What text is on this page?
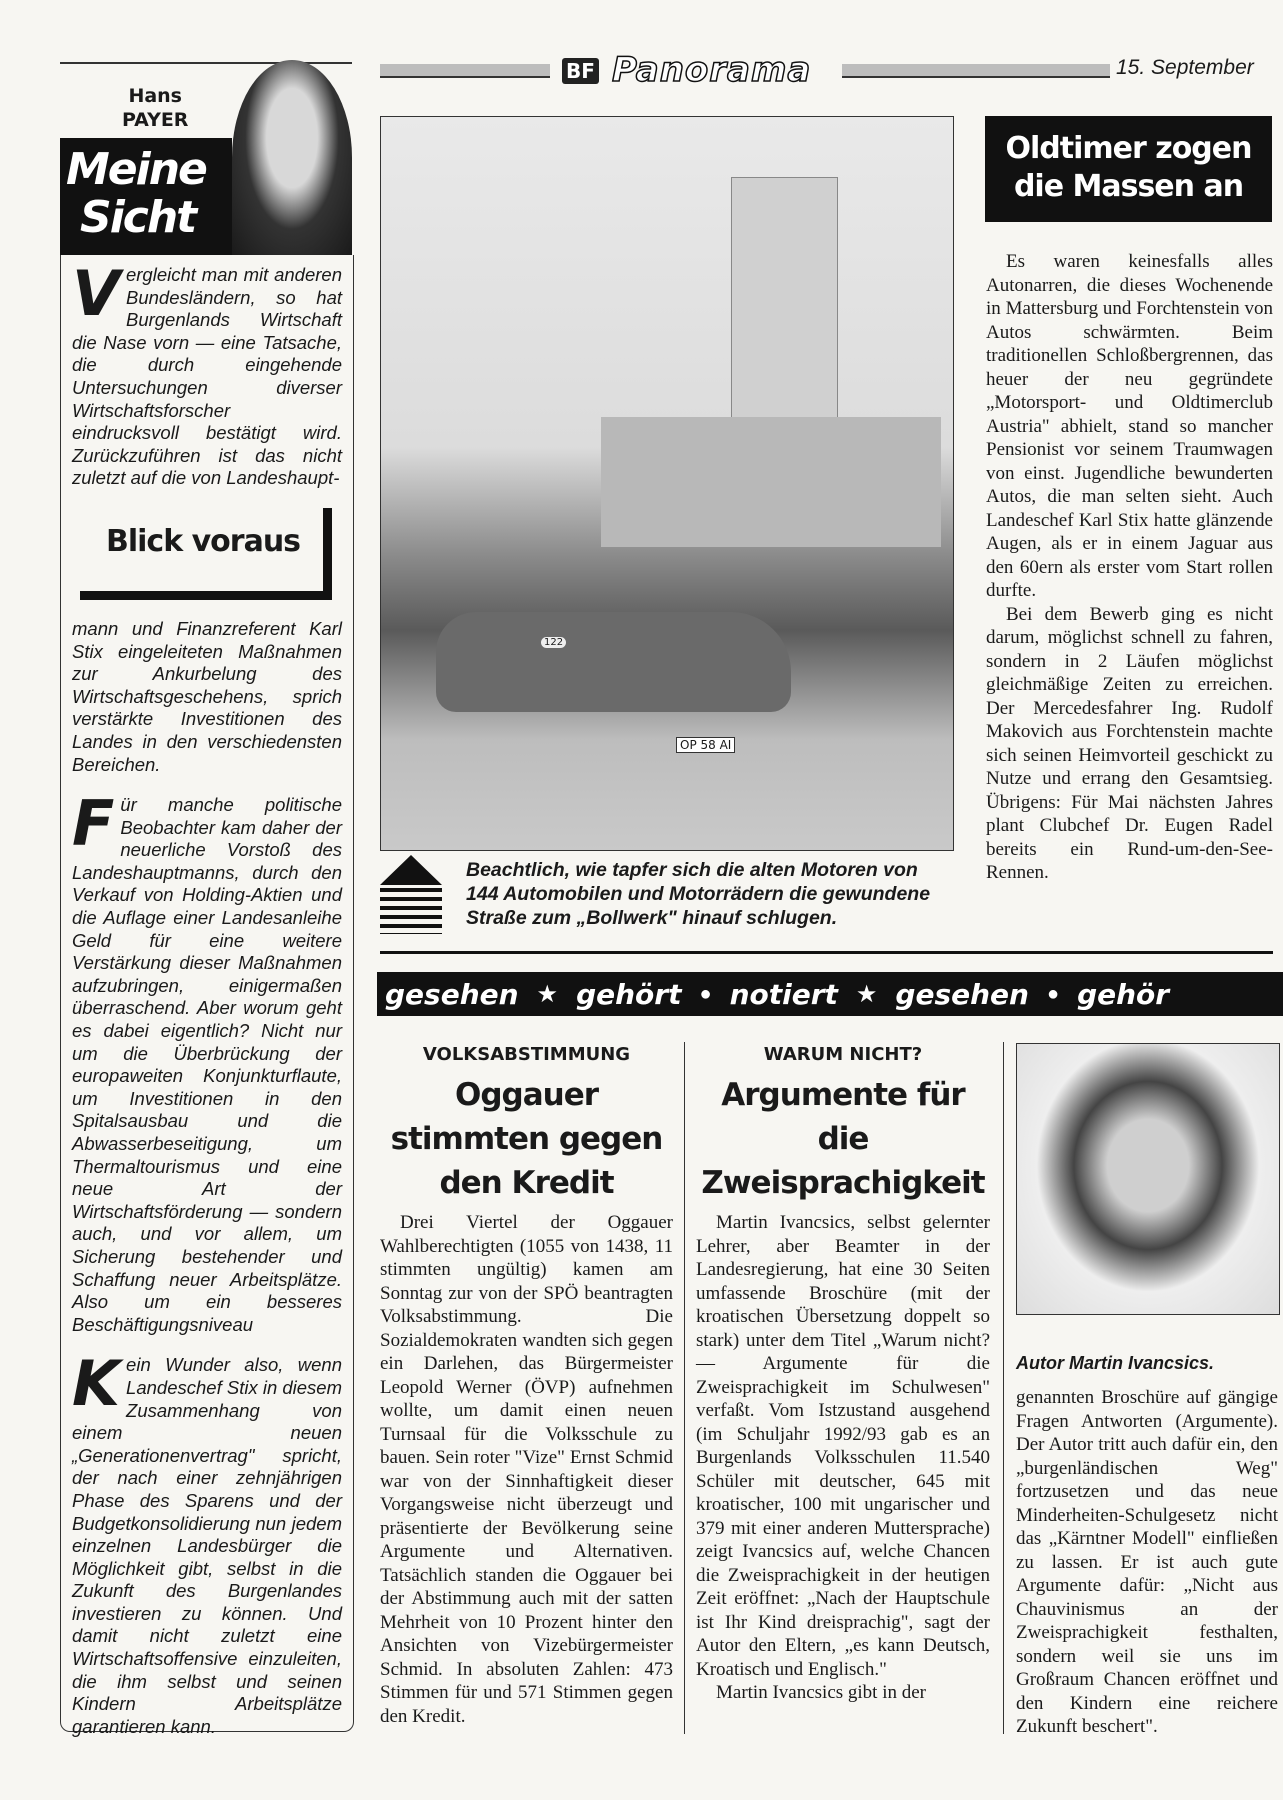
BF Panorama	15. September
Hans
PAYER
Meine
Sicht
Vergleicht man mit anderen Bundesländern, so hat Burgenlands Wirtschaft die Nase vorn — eine Tatsache, die durch eingehende Untersuchungen diverser Wirtschaftsforscher eindrucksvoll bestätigt wird. Zurückzuführen ist das nicht zuletzt auf die von Landeshaupt-
Blick voraus
mann und Finanzreferent Karl Stix eingeleiteten Maßnahmen zur Ankurbelung des Wirtschaftsgeschehens, sprich verstärkte Investitionen des Landes in den verschiedensten Bereichen.
Für manche politische Beobachter kam daher der neuerliche Vorstoß des Landeshauptmanns, durch den Verkauf von Holding-Aktien und die Auflage einer Landesanleihe Geld für eine weitere Verstärkung dieser Maßnahmen aufzubringen, einigermaßen überraschend. Aber worum geht es dabei eigentlich? Nicht nur um die Überbrückung der europaweiten Konjunkturflaute, um Investitionen in den Spitalsausbau und die Abwasserbeseitigung, um Thermaltourismus und eine neue Art der Wirtschaftsförderung — sondern auch, und vor allem, um Sicherung bestehender und Schaffung neuer Arbeitsplätze. Also um ein besseres Beschäftigungsniveau
Kein Wunder also, wenn Landeschef Stix in diesem Zusammenhang von einem neuen „Generationenvertrag" spricht, der nach einer zehnjährigen Phase des Sparens und der Budgetkonsolidierung nun jedem einzelnen Landesbürger die Möglichkeit gibt, selbst in die Zukunft des Burgenlandes investieren zu können. Und damit nicht zuletzt eine Wirtschaftsoffensive einzuleiten, die ihm selbst und seinen Kindern Arbeitsplätze garantieren kann.
OP 58 AI
122
Beachtlich, wie tapfer sich die alten Motoren von 144 Automobilen und Motorrädern die gewundene Straße zum „Bollwerk" hinauf schlugen.
Oldtimer zogen die Massen an
Es waren keinesfalls alles Autonarren, die dieses Wochenende in Mattersburg und Forchtenstein von Autos schwärmten. Beim traditionellen Schloßbergrennen, das heuer der neu gegründete „Motorsport- und Oldtimerclub Austria" abhielt, stand so mancher Pensionist vor seinem Traumwagen von einst. Jugendliche bewunderten Autos, die man selten sieht. Auch Landeschef Karl Stix hatte glänzende Augen, als er in einem Jaguar aus den 60ern als erster vom Start rollen durfte.
Bei dem Bewerb ging es nicht darum, möglichst schnell zu fahren, sondern in 2 Läufen möglichst gleichmäßige Zeiten zu erreichen. Der Mercedesfahrer Ing. Rudolf Makovich aus Forchtenstein machte sich seinen Heimvorteil geschickt zu Nutze und errang den Gesamtsieg. Übrigens: Für Mai nächsten Jahres plant Clubchef Dr. Eugen Radel bereits ein Rund-um-den-See-Rennen.
gesehen ★ gehört ● notiert ★ gesehen ● gehör
VOLKSABSTIMMUNG
Oggauer stimmten gegen den Kredit
Drei Viertel der Oggauer Wahlberechtigten (1055 von 1438, 11 stimmten ungültig) kamen am Sonntag zur von der SPÖ beantragten Volksabstimmung. Die Sozialdemokraten wandten sich gegen ein Darlehen, das Bürgermeister Leopold Werner (ÖVP) aufnehmen wollte, um damit einen neuen Turnsaal für die Volksschule zu bauen. Sein roter "Vize" Ernst Schmid war von der Sinnhaftigkeit dieser Vorgangsweise nicht überzeugt und präsentierte der Bevölkerung seine Argumente und Alternativen. Tatsächlich standen die Oggauer bei der Abstimmung auch mit der satten Mehrheit von 10 Prozent hinter den Ansichten von Vizebürgermeister Schmid. In absoluten Zahlen: 473 Stimmen für und 571 Stimmen gegen den Kredit.
WARUM NICHT?
Argumente für die Zweisprachigkeit
Martin Ivancsics, selbst gelernter Lehrer, aber Beamter in der Landesregierung, hat eine 30 Seiten umfassende Broschüre (mit der kroatischen Übersetzung doppelt so stark) unter dem Titel „Warum nicht? — Argumente für die Zweisprachigkeit im Schulwesen" verfaßt. Vom Istzustand ausgehend (im Schuljahr 1992/93 gab es an Burgenlands Volksschulen 11.540 Schüler mit deutscher, 645 mit kroatischer, 100 mit ungarischer und 379 mit einer anderen Muttersprache) zeigt Ivancsics auf, welche Chancen die Zweisprachigkeit in der heutigen Zeit eröffnet: „Nach der Hauptschule ist Ihr Kind dreisprachig", sagt der Autor den Eltern, „es kann Deutsch, Kroatisch und Englisch."
Martin Ivancsics gibt in der
Autor Martin Ivancsics.
genannten Broschüre auf gängige Fragen Antworten (Argumente). Der Autor tritt auch dafür ein, den „burgenländischen Weg" fortzusetzen und das neue Minderheiten-Schulgesetz nicht das „Kärntner Modell" einfließen zu lassen. Er ist auch gute Argumente dafür: „Nicht aus Chauvinismus an der Zweisprachigkeit festhalten, sondern weil sie uns im Großraum Chancen eröffnet und den Kindern eine reichere Zukunft beschert".
